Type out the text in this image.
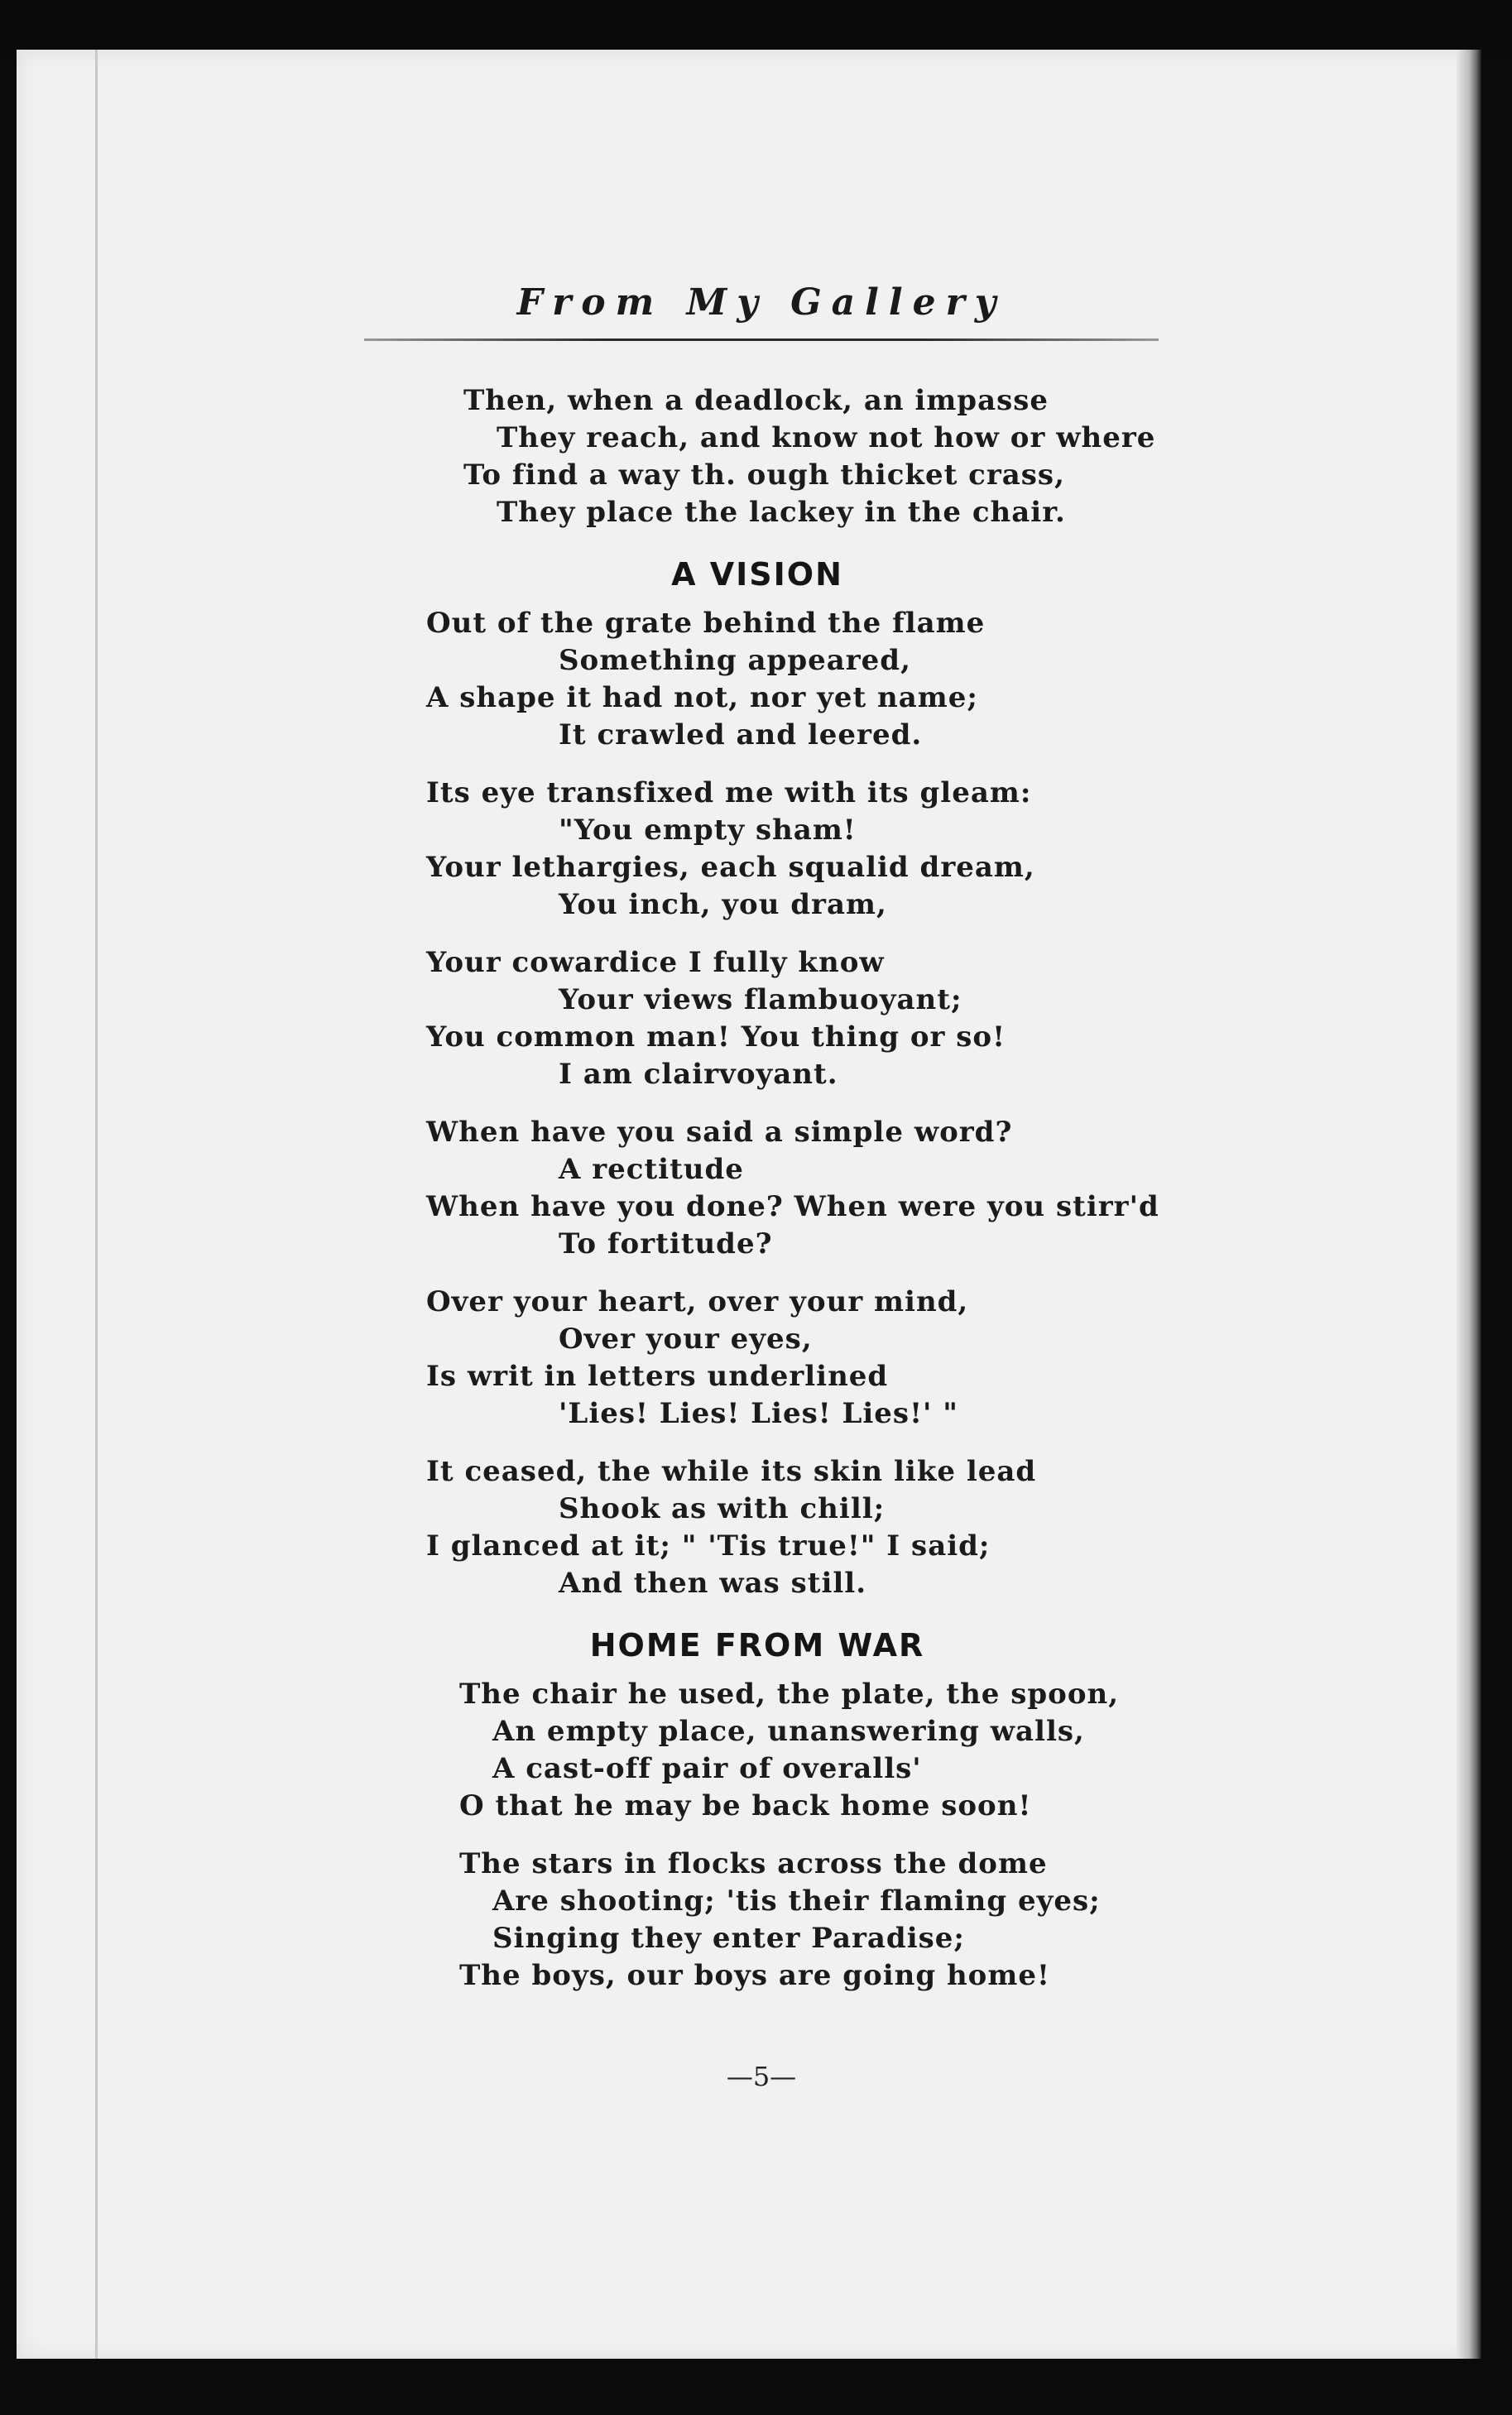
From My Gallery

Then, when a deadlock, an impasse
They reach, and know not how or where
To find a way th. ough thicket crass,
They place the lackey in the chair.
A VISION
Out of the grate behind the flame
Something appeared,
A shape it had not, nor yet name;
It crawled and leered.
Its eye transfixed me with its gleam:
"You empty sham!
Your lethargies, each squalid dream,
You inch, you dram,
Your cowardice I fully know
Your views flambuoyant;
You common man! You thing or so!
I am clairvoyant.
When have you said a simple word?
A rectitude
When have you done? When were you stirr'd
To fortitude?
Over your heart, over your mind,
Over your eyes,
Is writ in letters underlined
'Lies! Lies! Lies! Lies!' "
It ceased, the while its skin like lead
Shook as with chill;
I glanced at it; " 'Tis true!" I said;
And then was still.
HOME FROM WAR
The chair he used, the plate, the spoon,
An empty place, unanswering walls,
A cast-off pair of overalls'
O that he may be back home soon!
The stars in flocks across the dome
Are shooting; 'tis their flaming eyes;
Singing they enter Paradise;
The boys, our boys are going home!
—5—
